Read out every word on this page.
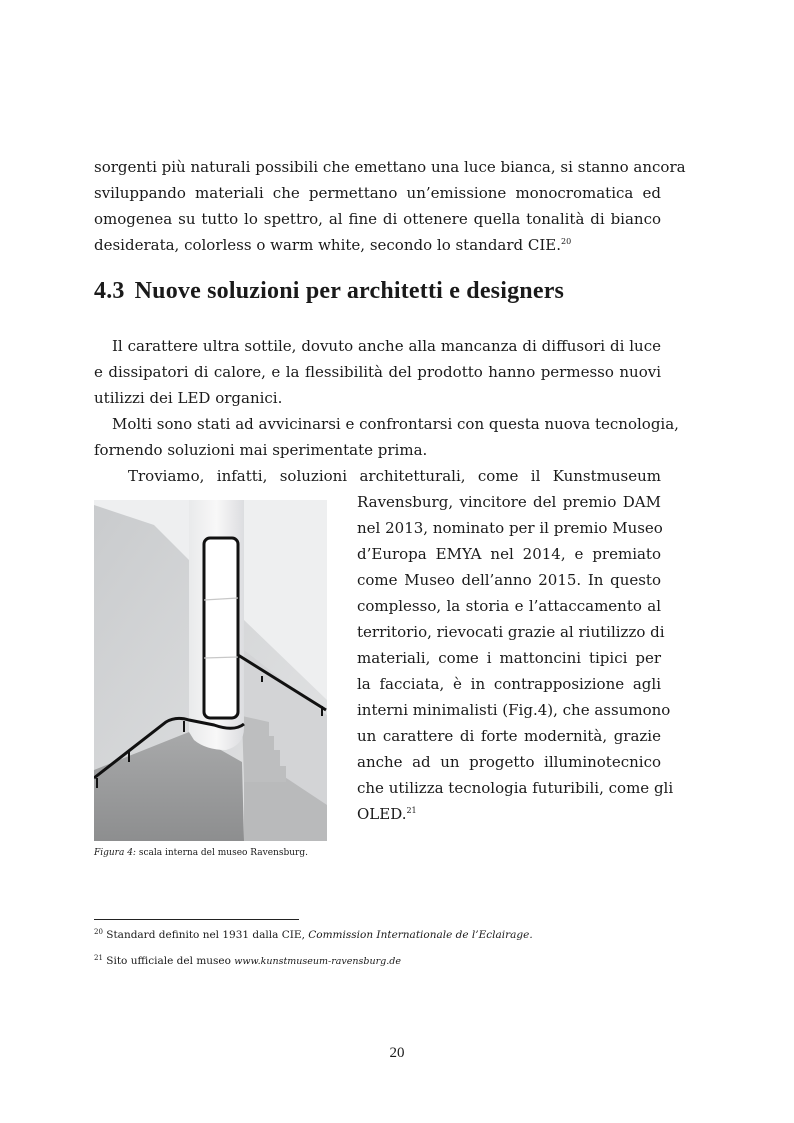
sorgenti più naturali possibili che emettano una luce bianca, si stanno ancora
sviluppando materiali che permettano un’emissione monocromatica ed
omogenea su tutto lo spettro, al fine di ottenere quella tonalità di bianco
desiderata, colorless o warm white, secondo lo standard CIE.$^{20}$

4.3 Nuove soluzioni per architetti e designers

Il carattere ultra sottile, dovuto anche alla mancanza di diffusori di luce
e dissipatori di calore, e la flessibilità del prodotto hanno permesso nuovi
utilizzi dei LED organici.

Molti sono stati ad avvicinarsi e confrontarsi con questa nuova tecnologia,
fornendo soluzioni mai sperimentate prima.

Troviamo, infatti, soluzioni architetturali, come il Kunstmuseum

Ravensburg, vincitore del premio DAM
nel 2013, nominato per il premio Museo
d’Europa EMYA nel 2014, e premiato
come Museo dell’anno 2015. In questo
complesso, la storia e l’attaccamento al
territorio, rievocati grazie al riutilizzo di
materiali, come i mattoncini tipici per
la facciata, è in contrapposizione agli
interni minimalisti (Fig.4), che assumono
un carattere di forte modernità, grazie
anche ad un progetto illuminotecnico
che utilizza tecnologia futuribili, come gli
OLED.$^{21}$

Figura 4: scala interna del museo Ravensburg.

$^{20}$ Standard definito nel 1931 dalla CIE, Commission Internationale de l’Eclairage.

$^{21}$ Sito ufficiale del museo www.kunstmuseum-ravensburg.de

20
